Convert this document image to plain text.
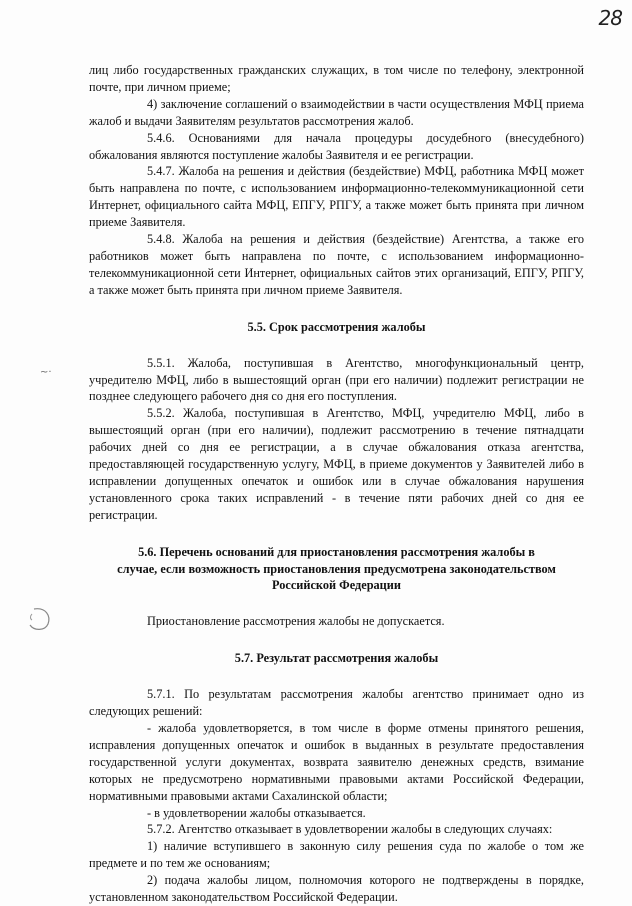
28
~·

лиц либо государственных гражданских служащих, в том числе по телефону, электронной почте, при личном приеме;

4) заключение соглашений о взаимодействии в части осуществления МФЦ приема жалоб и выдачи Заявителям результатов рассмотрения жалоб.

5.4.6. Основаниями для начала процедуры досудебного (внесудебного) обжалования являются поступление жалобы Заявителя и ее регистрации.

5.4.7. Жалоба на решения и действия (бездействие) МФЦ, работника МФЦ может быть направлена по почте, с использованием информационно-телекоммуникационной сети Интернет, официального сайта МФЦ, ЕПГУ, РПГУ, а также может быть принята при личном приеме Заявителя.

5.4.8. Жалоба на решения и действия (бездействие) Агентства, а также его работников может быть направлена по почте, с использованием информационно-телекоммуникационной сети Интернет, официальных сайтов этих организаций, ЕПГУ, РПГУ, а также может быть принята при личном приеме Заявителя.

5.5. Срок рассмотрения жалобы

5.5.1. Жалоба, поступившая в Агентство, многофункциональный центр, учредителю МФЦ, либо в вышестоящий орган (при его наличии) подлежит регистрации не позднее следующего рабочего дня со дня его поступления.

5.5.2. Жалоба, поступившая в Агентство, МФЦ, учредителю МФЦ, либо в вышестоящий орган (при его наличии), подлежит рассмотрению в течение пятнадцати рабочих дней со дня ее регистрации, а в случае обжалования отказа агентства, предоставляющей государственную услугу, МФЦ, в приеме документов у Заявителей либо в исправлении допущенных опечаток и ошибок или в случае обжалования нарушения установленного срока таких исправлений - в течение пяти рабочих дней со дня ее регистрации.

5.6. Перечень оснований для приостановления рассмотрения жалобы в
случае, если возможность приостановления предусмотрена законодательством
Российской Федерации

Приостановление рассмотрения жалобы не допускается.

5.7. Результат рассмотрения жалобы

5.7.1. По результатам рассмотрения жалобы агентство принимает одно из следующих решений:

- жалоба удовлетворяется, в том числе в форме отмены принятого решения, исправления допущенных опечаток и ошибок в выданных в результате предоставления государственной услуги документах, возврата заявителю денежных средств, взимание которых не предусмотрено нормативными правовыми актами Российской Федерации, нормативными правовыми актами Сахалинской области;

- в удовлетворении жалобы отказывается.

5.7.2. Агентство отказывает в удовлетворении жалобы в следующих случаях:

1) наличие вступившего в законную силу решения суда по жалобе о том же предмете и по тем же основаниям;

2) подача жалобы лицом, полномочия которого не подтверждены в порядке, установленном законодательством Российской Федерации.
